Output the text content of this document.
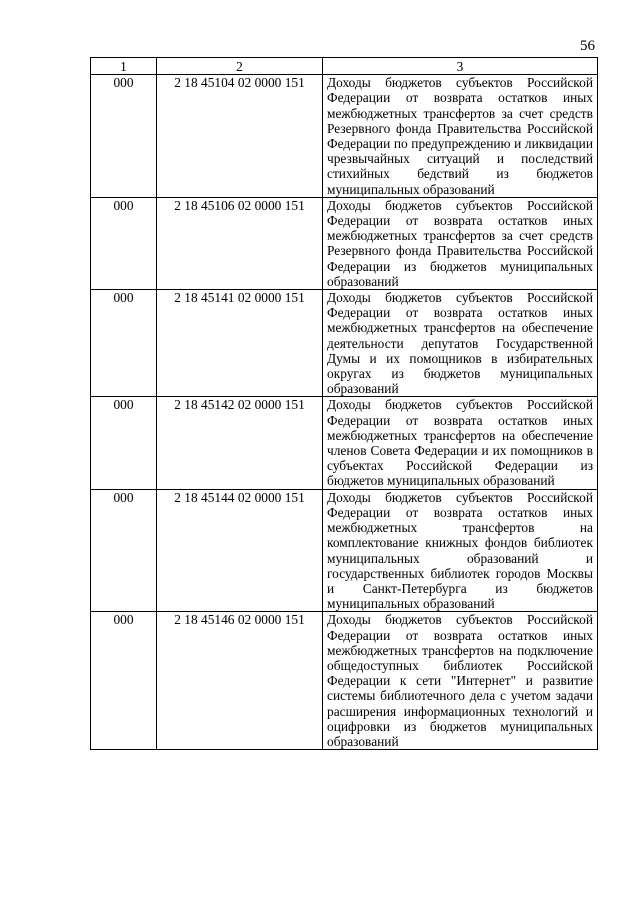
56
1	2	3
000	2 18 45104 02 0000 151	Доходы бюджетов субъектов Российской Федерации от возврата остатков иных межбюджетных трансфертов за счет средств Резервного фонда Правительства Российской Федерации по предупреждению и ликвидации чрезвычайных ситуаций и последствий стихийных бедствий из бюджетов муниципальных образований
000	2 18 45106 02 0000 151	Доходы бюджетов субъектов Российской Федерации от возврата остатков иных межбюджетных трансфертов за счет средств Резервного фонда Правительства Российской Федерации из бюджетов муниципальных образований
000	2 18 45141 02 0000 151	Доходы бюджетов субъектов Российской Федерации от возврата остатков иных межбюджетных трансфертов на обеспечение деятельности депутатов Государственной Думы и их помощников в избирательных округах из бюджетов муниципальных образований
000	2 18 45142 02 0000 151	Доходы бюджетов субъектов Российской Федерации от возврата остатков иных межбюджетных трансфертов на обеспечение членов Совета Федерации и их помощников в субъектах Российской Федерации из бюджетов муниципальных образований
000	2 18 45144 02 0000 151	Доходы бюджетов субъектов Российской Федерации от возврата остатков иных межбюджетных трансфертов на комплектование книжных фондов библиотек муниципальных образований и государственных библиотек городов Москвы и Санкт-Петербурга из бюджетов муниципальных образований
000	2 18 45146 02 0000 151	Доходы бюджетов субъектов Российской Федерации от возврата остатков иных межбюджетных трансфертов на подключение общедоступных библиотек Российской Федерации к сети "Интернет" и развитие системы библиотечного дела с учетом задачи расширения информационных технологий и оцифровки из бюджетов муниципальных образований
